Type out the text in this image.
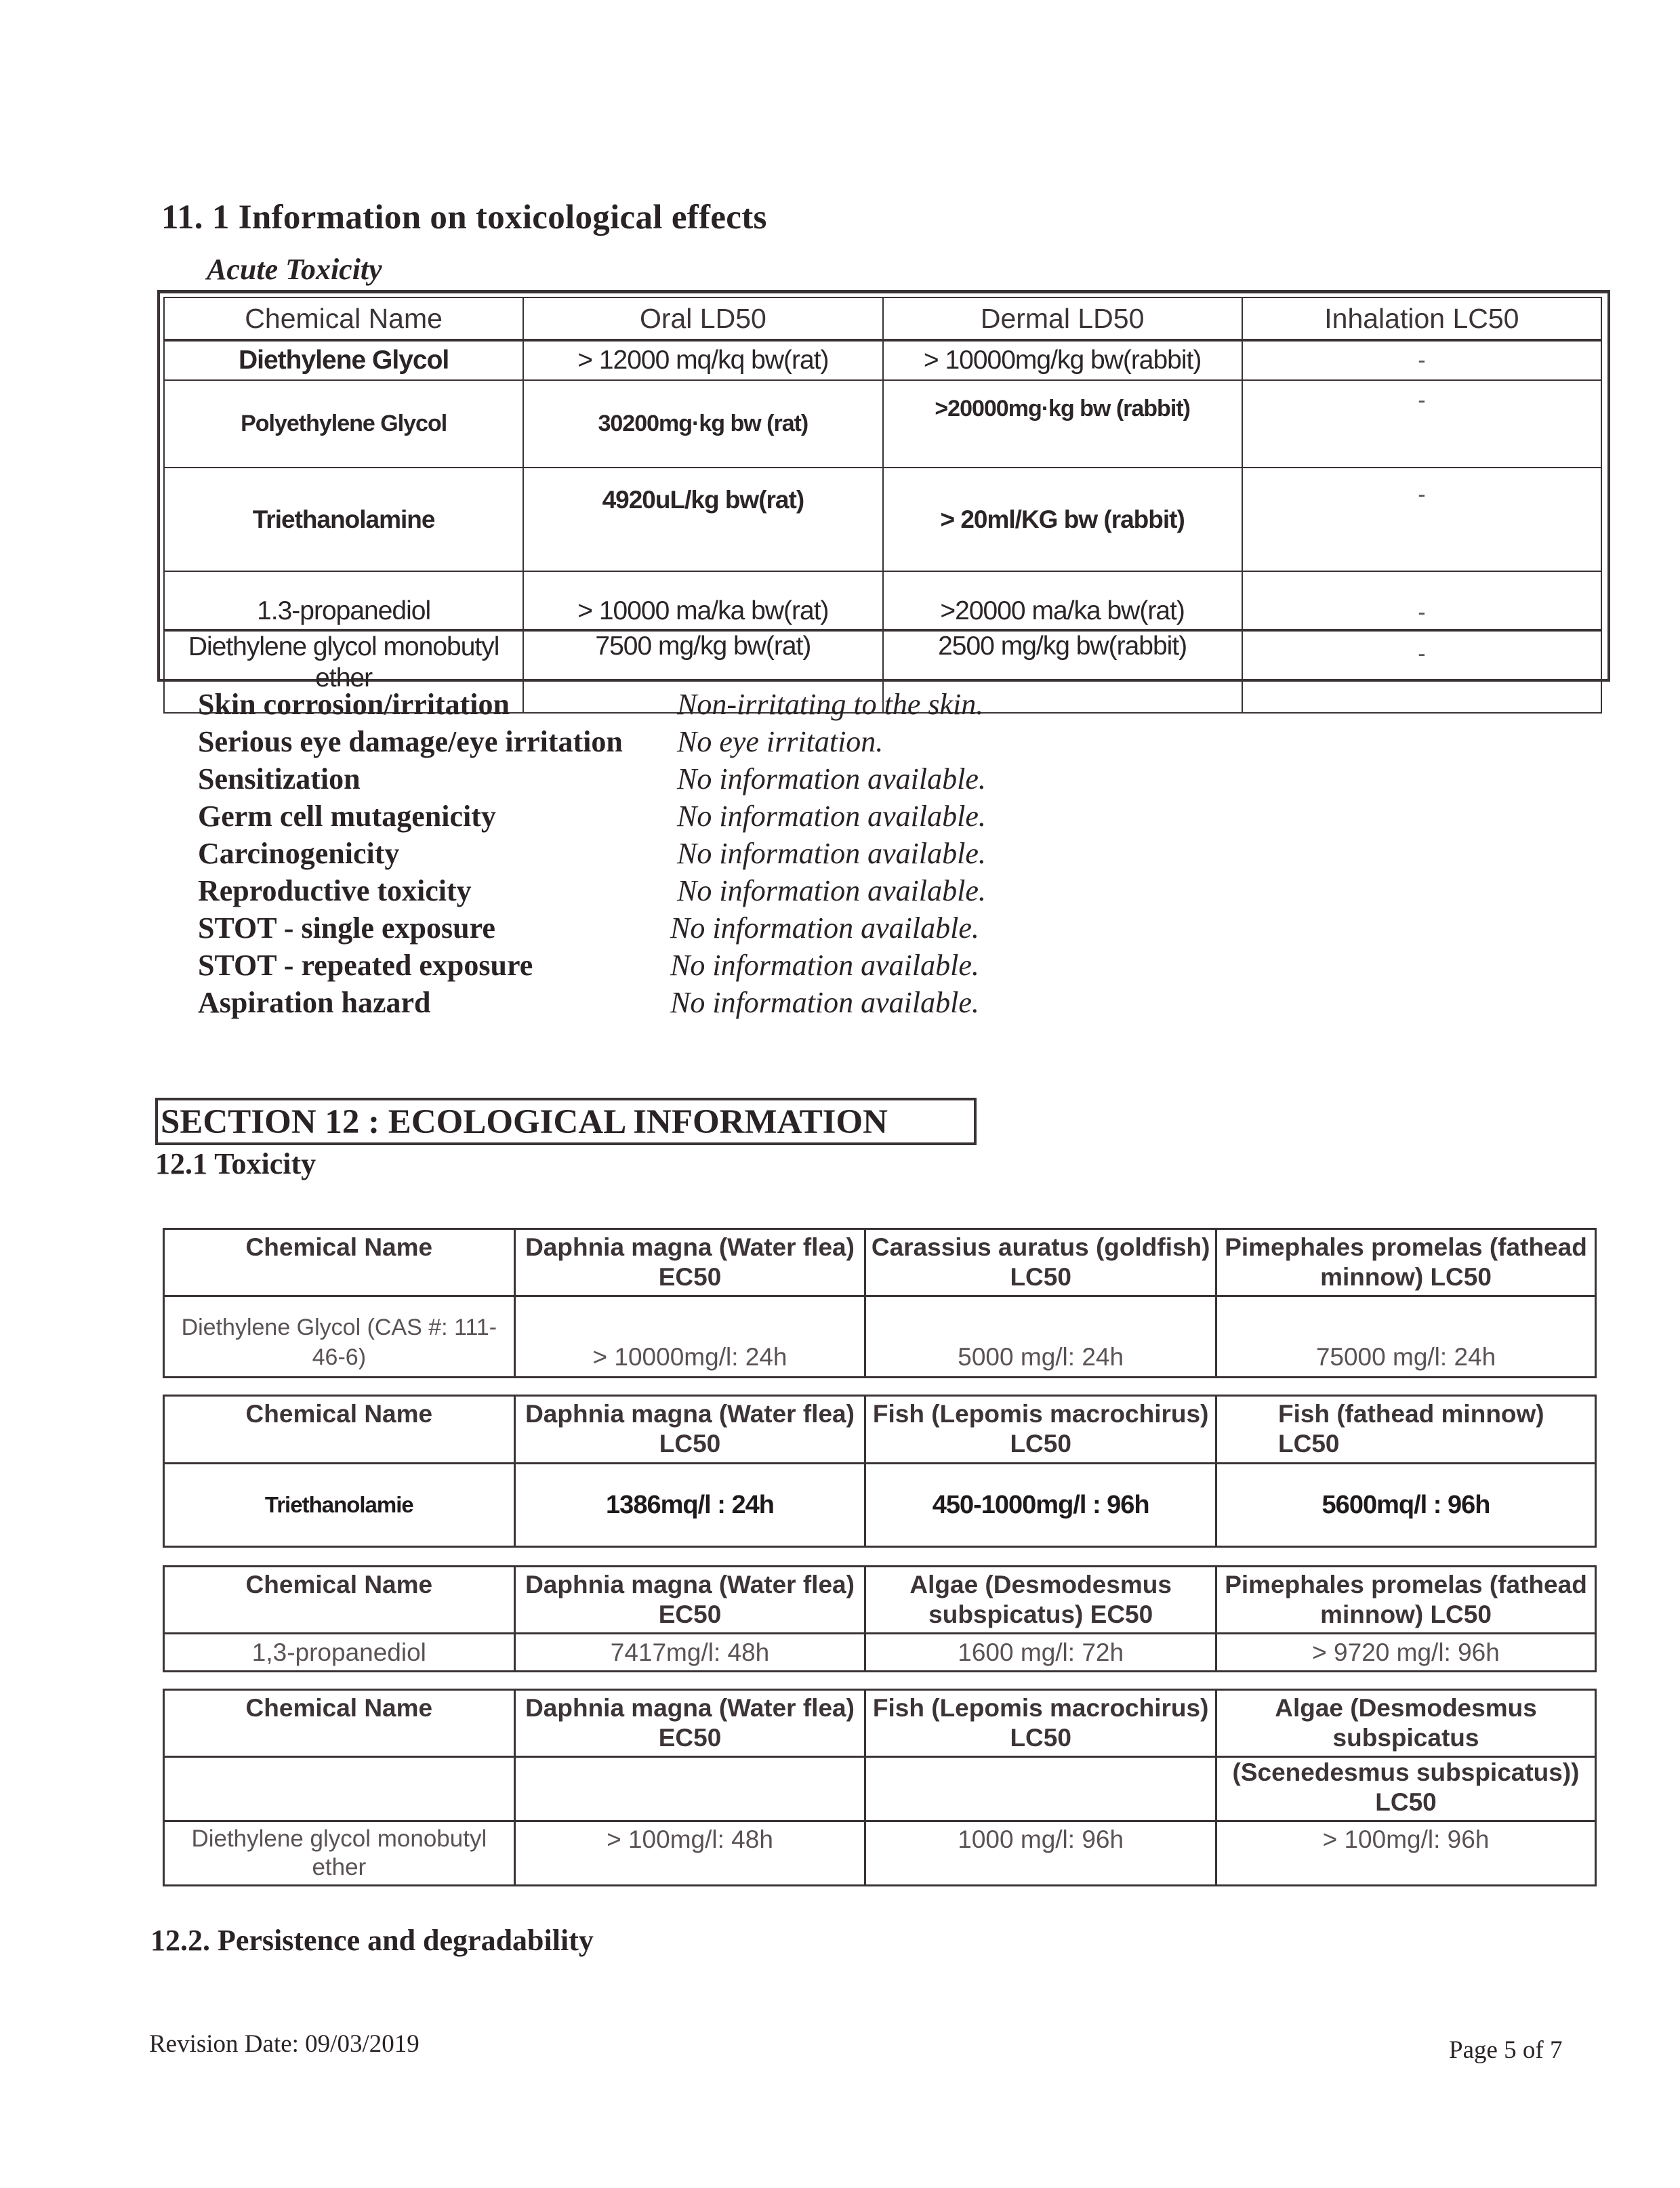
11. 1 Information on toxicological effects
Acute Toxicity
Chemical Name	Oral LD50	Dermal LD50	Inhalation LC50
Diethylene Glycol	> 12000 mq/kq bw(rat)	> 10000mg/kg bw(rabbit)	-
Polyethylene Glycol	30200mg·kg bw (rat)	>20000mg·kg bw (rabbit)	-
Triethanolamine	4920uL/kg bw(rat)	> 20ml/KG bw (rabbit)	-
1.3-propanediol	> 10000 ma/ka bw(rat)	>20000 ma/ka bw(rat)	-
Diethylene glycol monobutyl ether	7500 mg/kg bw(rat)	2500 mg/kg bw(rabbit)	-
Skin corrosion/irritation	Non-irritating to the skin.
Serious eye damage/eye irritation	No eye irritation.
Sensitization	No information available.
Germ cell mutagenicity	No information available.
Carcinogenicity	No information available.
Reproductive toxicity	No information available.
STOT - single exposure	No information available.
STOT - repeated exposure	No information available.
Aspiration hazard	No information available.
SECTION 12 : ECOLOGICAL INFORMATION
12.1 Toxicity
Chemical Name	Daphnia magna (Water flea) EC50	Carassius auratus (goldfish) LC50	Pimephales promelas (fathead minnow) LC50
Diethylene Glycol (CAS #: 111-46-6)	> 10000mg/l: 24h	5000 mg/l: 24h	75000 mg/l: 24h
Chemical Name	Daphnia magna (Water flea) LC50	Fish (Lepomis macrochirus) LC50	Fish (fathead minnow) LC50
Triethanolamie	1386mq/l : 24h	450-1000mg/l : 96h	5600mq/l : 96h
Chemical Name	Daphnia magna (Water flea) EC50	Algae (Desmodesmus subspicatus) EC50	Pimephales promelas (fathead minnow) LC50
1,3-propanediol	7417mg/l: 48h	1600 mg/l: 72h	> 9720 mg/l: 96h
Chemical Name	Daphnia magna (Water flea) EC50	Fish (Lepomis macrochirus) LC50	Algae (Desmodesmus subspicatus
			(Scenedesmus subspicatus)) LC50
Diethylene glycol monobutyl ether	> 100mg/l: 48h	1000 mg/l: 96h	> 100mg/l: 96h
12.2. Persistence and degradability
Revision Date: 09/03/2019	Page 5 of 7
